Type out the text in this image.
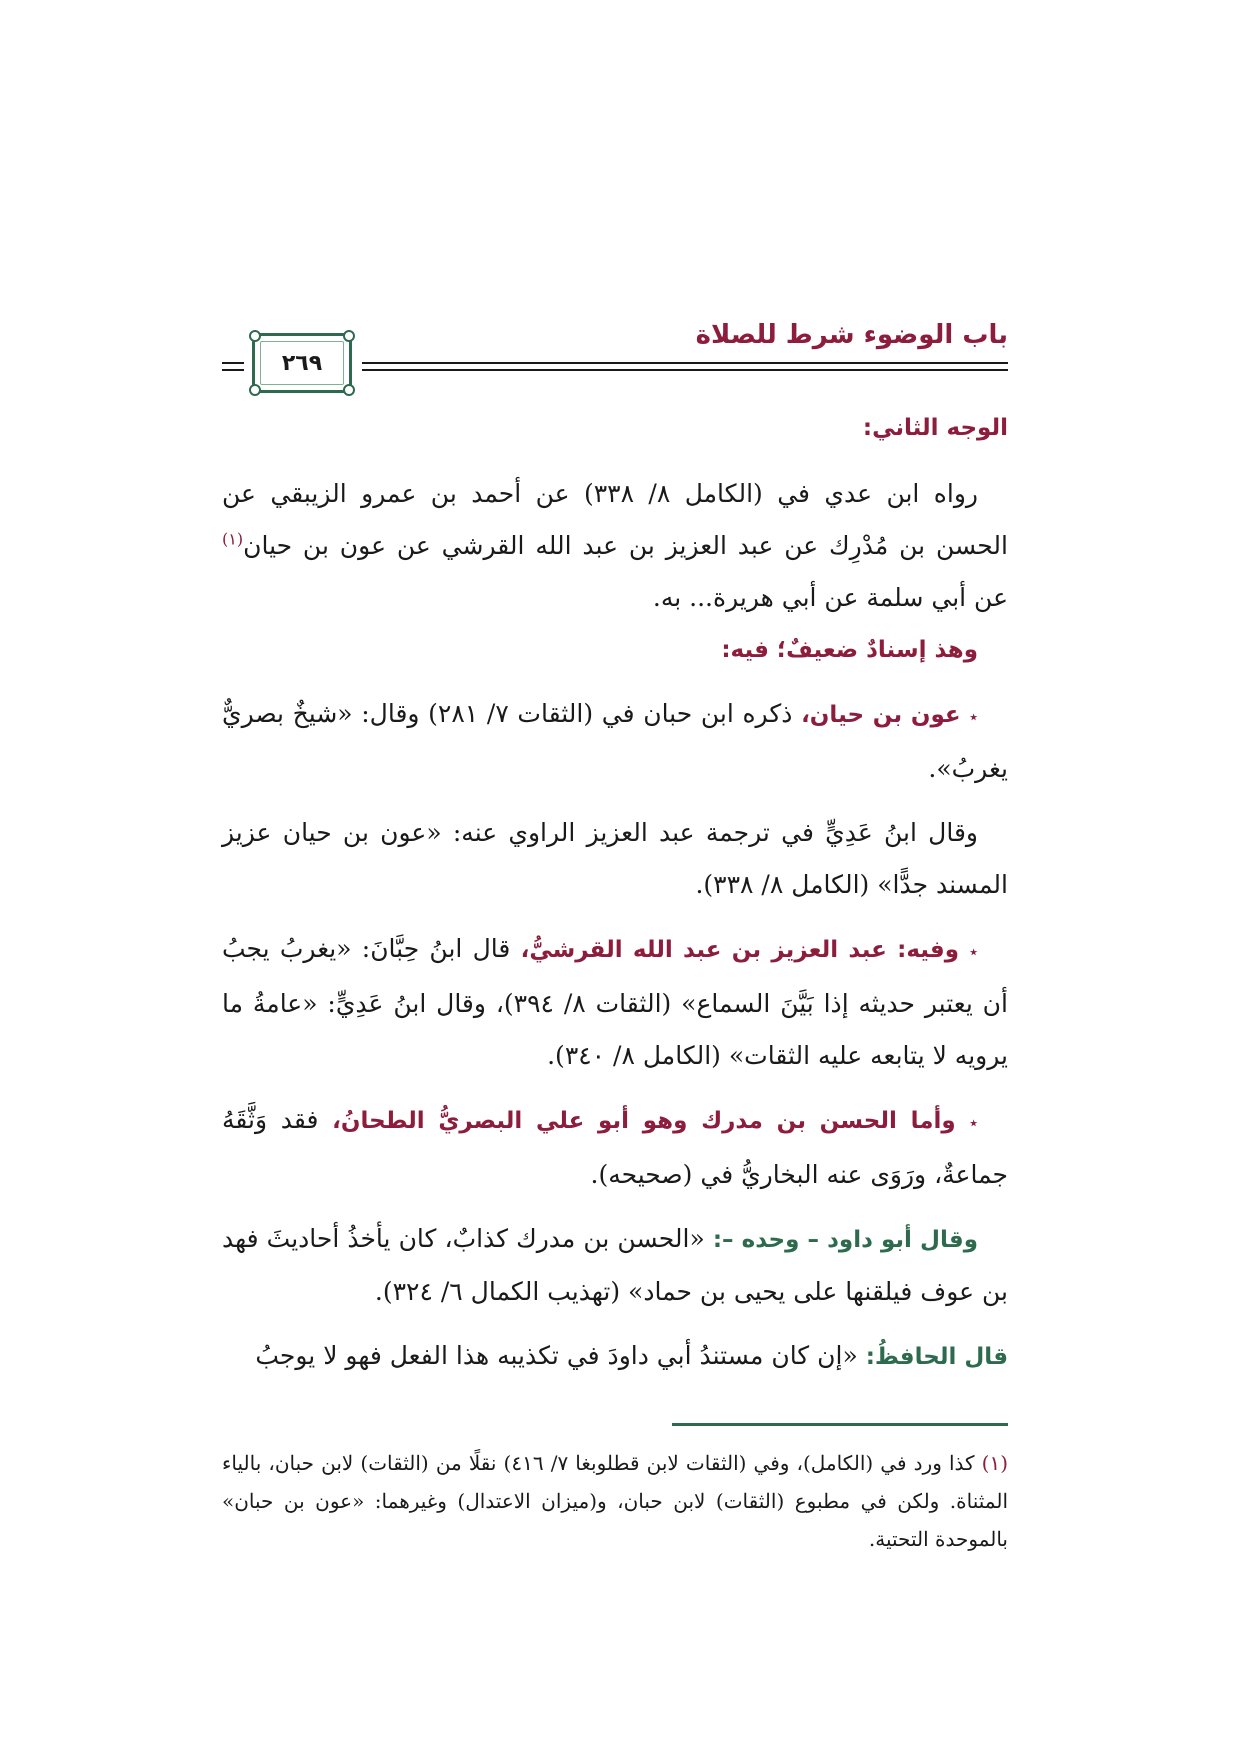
باب الوضوء شرط للصلاة
٢٦٩

الوجه الثاني:

رواه ابن عدي في (الكامل ٨/ ٣٣٨) عن أحمد بن عمرو الزيبقي عن الحسن بن مُدْرِك عن عبد العزيز بن عبد الله القرشي عن عون بن حيان$^{(١)}$ عن أبي سلمة عن أبي هريرة... به.

وهذ إسنادٌ ضعيفٌ؛ فيه:

٭ عون بن حيان، ذكره ابن حبان في (الثقات ٧/ ٢٨١) وقال: «شيخٌ بصريٌّ يغربُ».

وقال ابنُ عَدِيٍّ في ترجمة عبد العزيز الراوي عنه: «عون بن حيان عزيز المسند جدًّا» (الكامل ٨/ ٣٣٨).

٭ وفيه: عبد العزيز بن عبد الله القرشيُّ، قال ابنُ حِبَّانَ: «يغربُ يجبُ أن يعتبر حديثه إذا بَيَّنَ السماع» (الثقات ٨/ ٣٩٤)، وقال ابنُ عَدِيٍّ: «عامةُ ما يرويه لا يتابعه عليه الثقات» (الكامل ٨/ ٣٤٠).

٭ وأما الحسن بن مدرك وهو أبو علي البصريُّ الطحانُ، فقد وَثَّقَهُ جماعةٌ، ورَوَى عنه البخاريُّ في (صحيحه).

وقال أبو داود – وحده –: «الحسن بن مدرك كذابٌ، كان يأخذُ أحاديثَ فهد بن عوف فيلقنها على يحيى بن حماد» (تهذيب الكمال ٦/ ٣٢٤).

قال الحافظُ: «إن كان مستندُ أبي داودَ في تكذيبه هذا الفعل فهو لا يوجبُ

(١) كذا ورد في (الكامل)، وفي (الثقات لابن قطلوبغا ٧/ ٤١٦) نقلًا من (الثقات) لابن حبان، بالياء المثناة. ولكن في مطبوع (الثقات) لابن حبان، و(ميزان الاعتدال) وغيرهما: «عون بن حبان» بالموحدة التحتية.
